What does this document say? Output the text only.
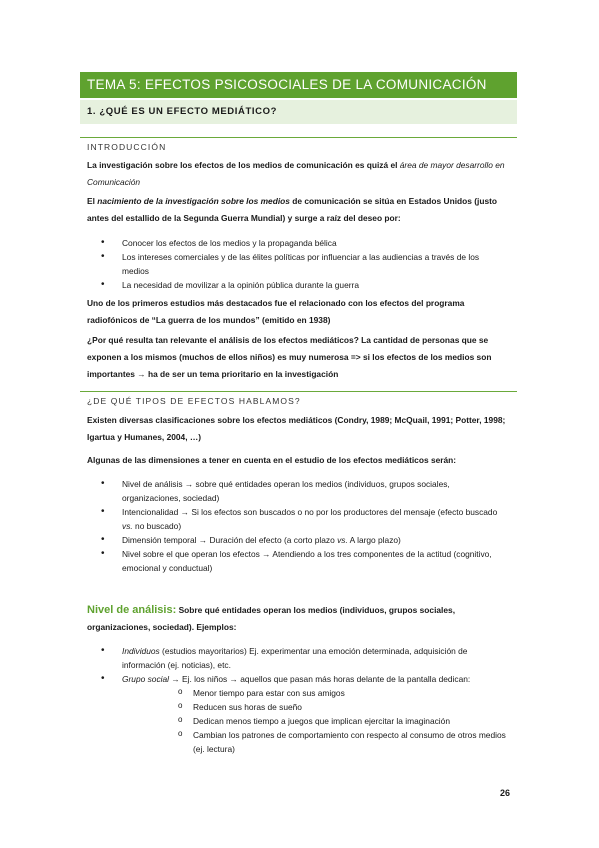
TEMA 5: EFECTOS PSICOSOCIALES DE LA COMUNICACIÓN
1. ¿QUÉ ES UN EFECTO MEDIÁTICO?
INTRODUCCIÓN
La investigación sobre los efectos de los medios de comunicación es quizá el área de mayor desarrollo en Comunicación
El nacimiento de la investigación sobre los medios de comunicación se sitúa en Estados Unidos (justo antes del estallido de la Segunda Guerra Mundial) y surge a raíz del deseo por:
• Conocer los efectos de los medios y la propaganda bélica
• Los intereses comerciales y de las élites políticas por influenciar a las audiencias a través de los medios
• La necesidad de movilizar a la opinión pública durante la guerra
Uno de los primeros estudios más destacados fue el relacionado con los efectos del programa radiofónicos de “La guerra de los mundos” (emitido en 1938)
¿Por qué resulta tan relevante el análisis de los efectos mediáticos? La cantidad de personas que se exponen a los mismos (muchos de ellos niños) es muy numerosa => si los efectos de los medios son importantes → ha de ser un tema prioritario en la investigación
¿DE QUÉ TIPOS DE EFECTOS HABLAMOS?
Existen diversas clasificaciones sobre los efectos mediáticos (Condry, 1989; McQuail, 1991; Potter, 1998; Igartua y Humanes, 2004, …)
Algunas de las dimensiones a tener en cuenta en el estudio de los efectos mediáticos serán:
• Nivel de análisis → sobre qué entidades operan los medios (individuos, grupos sociales, organizaciones, sociedad)
• Intencionalidad → Si los efectos son buscados o no por los productores del mensaje (efecto buscado vs. no buscado)
• Dimensión temporal → Duración del efecto (a corto plazo vs. A largo plazo)
• Nivel sobre el que operan los efectos → Atendiendo a los tres componentes de la actitud (cognitivo, emocional y conductual)
Nivel de análisis: Sobre qué entidades operan los medios (individuos, grupos sociales, organizaciones, sociedad). Ejemplos:
• Individuos (estudios mayoritarios) Ej. experimentar una emoción determinada, adquisición de información (ej. noticias), etc.
• Grupo social → Ej. los niños → aquellos que pasan más horas delante de la pantalla dedican:
o Menor tiempo para estar con sus amigos
o Reducen sus horas de sueño
o Dedican menos tiempo a juegos que implican ejercitar la imaginación
o Cambian los patrones de comportamiento con respecto al consumo de otros medios (ej. lectura)
26
